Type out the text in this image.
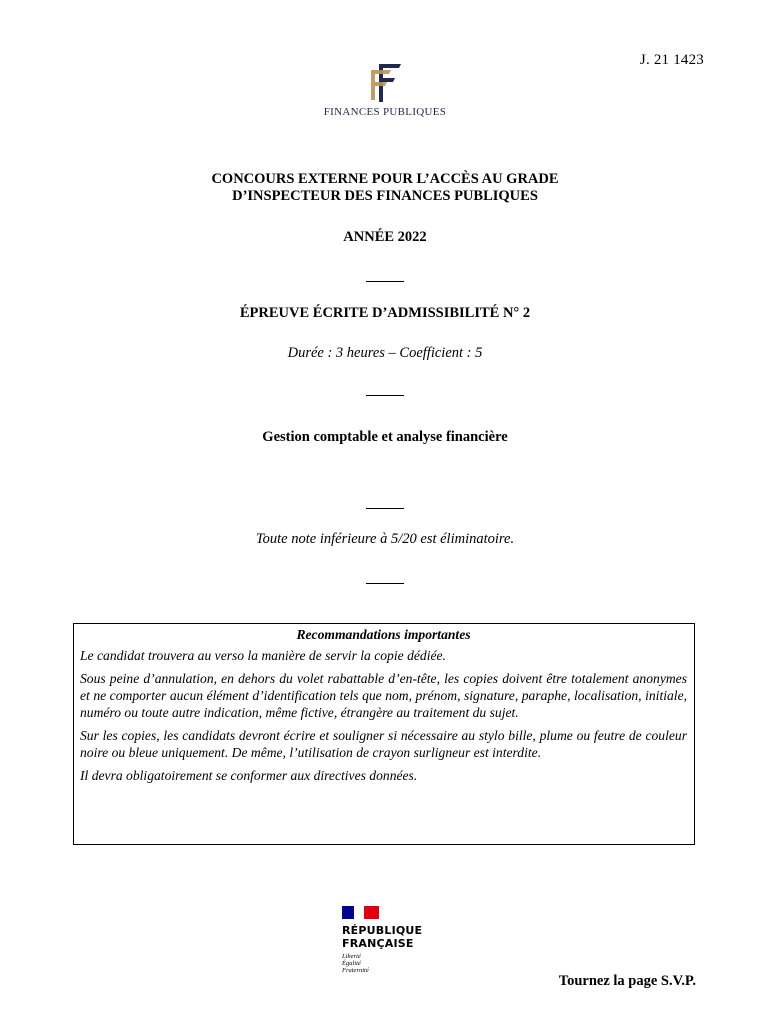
J. 21 1423
FINANCES PUBLIQUES
CONCOURS EXTERNE POUR L’ACCÈS AU GRADE
D’INSPECTEUR DES FINANCES PUBLIQUES
ANNÉE 2022
ÉPREUVE ÉCRITE D’ADMISSIBILITÉ N° 2
Durée : 3 heures – Coefficient : 5
Gestion comptable et analyse financière
Toute note inférieure à 5/20 est éliminatoire.
Recommandations importantes

Le candidat trouvera au verso la manière de servir la copie dédiée.

Sous peine d’annulation, en dehors du volet rabattable d’en-tête, les copies doivent être totalement anonymes et ne comporter aucun élément d’identification tels que nom, prénom, signature, paraphe, localisation, initiale, numéro ou toute autre indication, même fictive, étrangère au traitement du sujet.

Sur les copies, les candidats devront écrire et souligner si nécessaire au stylo bille, plume ou feutre de couleur noire ou bleue uniquement. De même, l’utilisation de crayon surligneur est interdite.

Il devra obligatoirement se conformer aux directives données.

RÉPUBLIQUE
FRANÇAISE
Liberté
Égalité
Fraternité
Tournez la page S.V.P.
